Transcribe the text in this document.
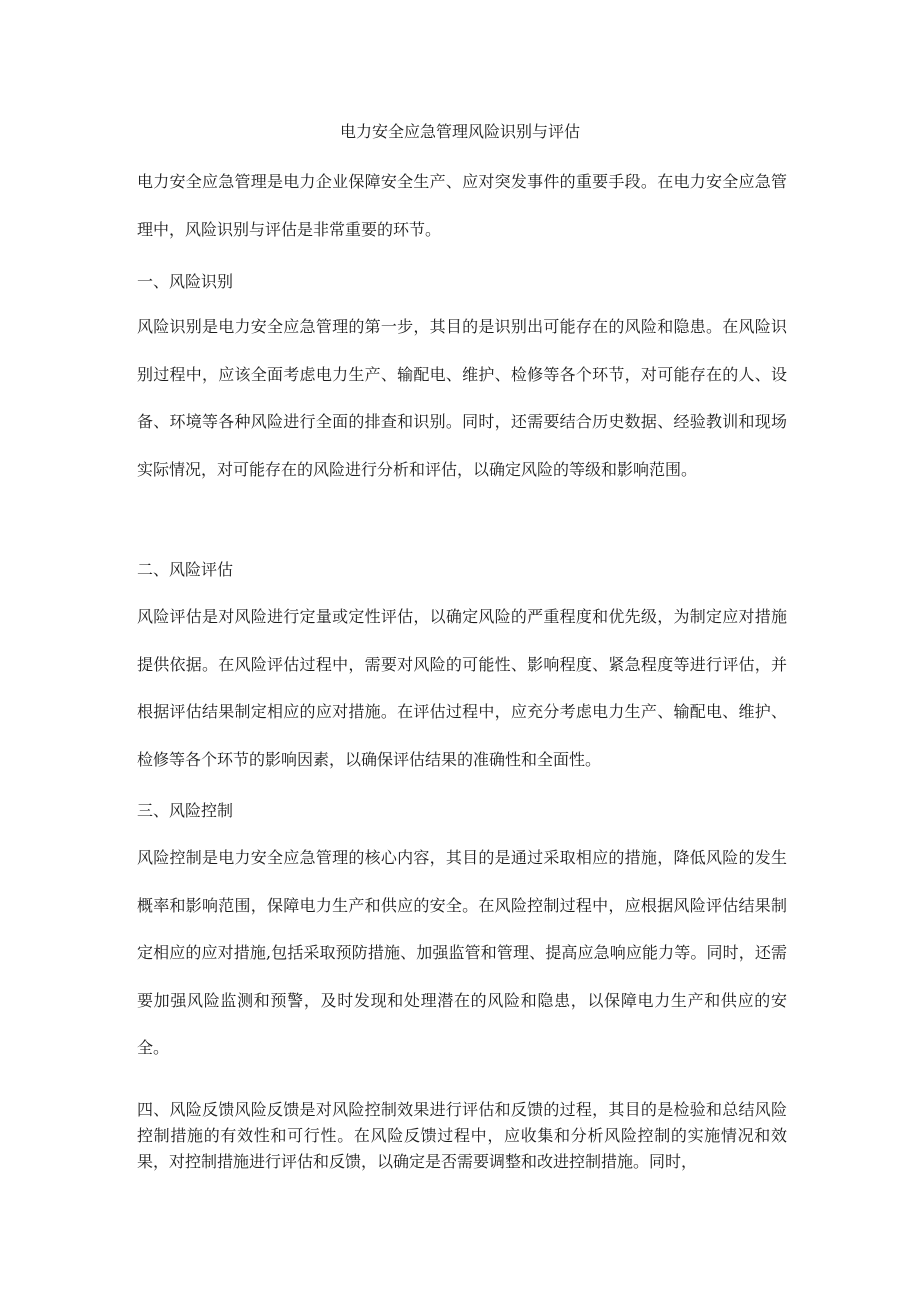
电力安全应急管理风险识别与评估

电力安全应急管理是电力企业保障安全生产、应对突发事件的重要手段。在电力安全应急管理中，风险识别与评估是非常重要的环节。

一、风险识别

风险识别是电力安全应急管理的第一步，其目的是识别出可能存在的风险和隐患。在风险识别过程中，应该全面考虑电力生产、输配电、维护、检修等各个环节，对可能存在的人、设备、环境等各种风险进行全面的排查和识别。同时，还需要结合历史数据、经验教训和现场实际情况，对可能存在的风险进行分析和评估，以确定风险的等级和影响范围。

二、风险评估

风险评估是对风险进行定量或定性评估，以确定风险的严重程度和优先级，为制定应对措施提供依据。在风险评估过程中，需要对风险的可能性、影响程度、紧急程度等进行评估，并根据评估结果制定相应的应对措施。在评估过程中，应充分考虑电力生产、输配电、维护、检修等各个环节的影响因素，以确保评估结果的准确性和全面性。

三、风险控制

风险控制是电力安全应急管理的核心内容，其目的是通过采取相应的措施，降低风险的发生概率和影响范围，保障电力生产和供应的安全。在风险控制过程中，应根据风险评估结果制定相应的应对措施,包括采取预防措施、加强监管和管理、提高应急响应能力等。同时，还需要加强风险监测和预警，及时发现和处理潜在的风险和隐患，以保障电力生产和供应的安全。

四、风险反馈风险反馈是对风险控制效果进行评估和反馈的过程，其目的是检验和总结风险控制措施的有效性和可行性。在风险反馈过程中，应收集和分析风险控制的实施情况和效果，对控制措施进行评估和反馈，以确定是否需要调整和改进控制措施。同时，
